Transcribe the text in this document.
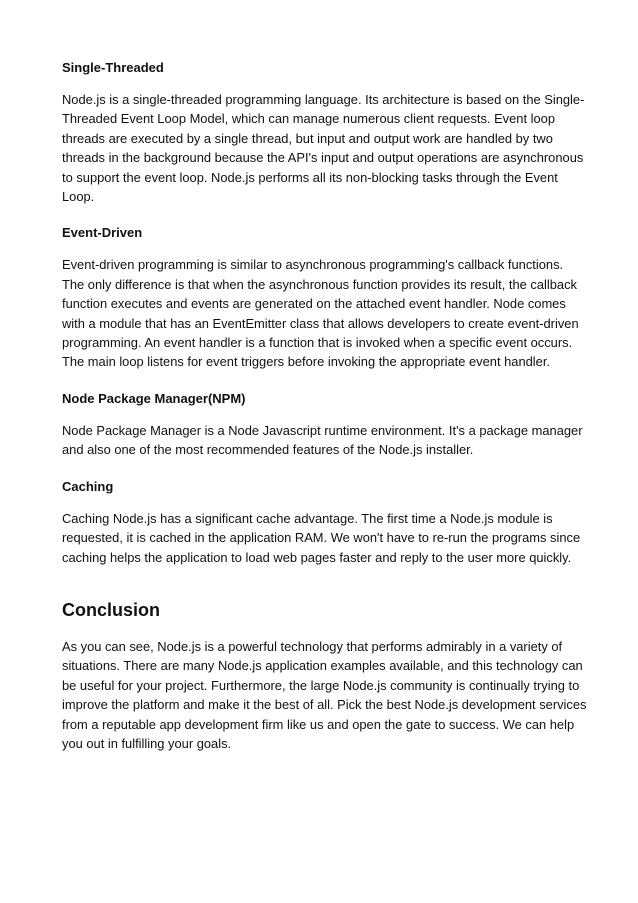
Single-Threaded

Node.js is a single-threaded programming language. Its architecture is based on the Single-Threaded Event Loop Model, which can manage numerous client requests. Event loop threads are executed by a single thread, but input and output work are handled by two threads in the background because the API's input and output operations are asynchronous to support the event loop. Node.js performs all its non-blocking tasks through the Event Loop.

Event-Driven

Event-driven programming is similar to asynchronous programming's callback functions. The only difference is that when the asynchronous function provides its result, the callback function executes and events are generated on the attached event handler. Node comes with a module that has an EventEmitter class that allows developers to create event-driven programming. An event handler is a function that is invoked when a specific event occurs. The main loop listens for event triggers before invoking the appropriate event handler.

Node Package Manager(NPM)

Node Package Manager is a Node Javascript runtime environment. It's a package manager and also one of the most recommended features of the Node.js installer.

Caching

Caching Node.js has a significant cache advantage. The first time a Node.js module is requested, it is cached in the application RAM. We won't have to re-run the programs since caching helps the application to load web pages faster and reply to the user more quickly.

Conclusion

As you can see, Node.js is a powerful technology that performs admirably in a variety of situations. There are many Node.js application examples available, and this technology can be useful for your project. Furthermore, the large Node.js community is continually trying to improve the platform and make it the best of all. Pick the best Node.js development services from a reputable app development firm like us and open the gate to success. We can help you out in fulfilling your goals.
